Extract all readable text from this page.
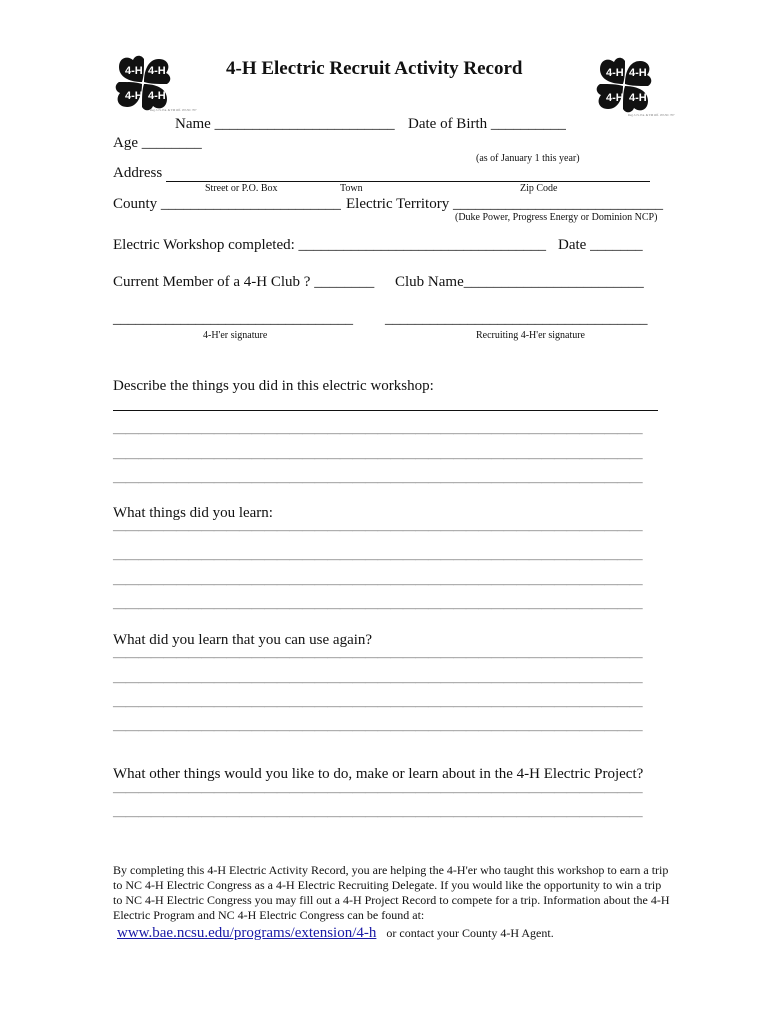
4-H 4-H
4-H 4-H
Reg. U.S. Pat. & TM Off. 18 USC 707
4-H 4-H
4-H 4-H
Reg. U.S. Pat. & TM Off. 18 USC 707
4-H Electric Recruit Activity Record
Name ________________________ Date of Birth __________
Age ________
(as of January 1 this year)
Address
Street or P.O. Box	Town	Zip Code
County ________________________ Electric Territory ____________________________
(Duke Power, Progress Energy or Dominion NCP)
Electric Workshop completed: _________________________________ Date _______
Current Member of a 4-H Club ? ________ Club Name________________________
________________________________ ___________________________________
4-H'er signature	Recruiting 4-H'er signature
Describe the things you did in this electric workshop:
——————————————————————————————————————————
——————————————————————————————————————————
——————————————————————————————————————————
What things did you learn:
——————————————————————————————————————————
——————————————————————————————————————————
——————————————————————————————————————————
——————————————————————————————————————————
What did you learn that you can use again?
——————————————————————————————————————————
——————————————————————————————————————————
——————————————————————————————————————————
——————————————————————————————————————————
What other things would you like to do, make or learn about in the 4-H Electric Project?
——————————————————————————————————————————
——————————————————————————————————————————
By completing this 4-H Electric Activity Record, you are helping the 4-H'er who taught this workshop to earn a trip to NC 4-H Electric Congress as a 4-H Electric Recruiting Delegate. If you would like the opportunity to win a trip to NC 4-H Electric Congress you may fill out a 4-H Project Record to compete for a trip. Information about the 4-H Electric Program and NC 4-H Electric Congress can be found at:
www.bae.ncsu.edu/programs/extension/4-h or contact your County 4-H Agent.
